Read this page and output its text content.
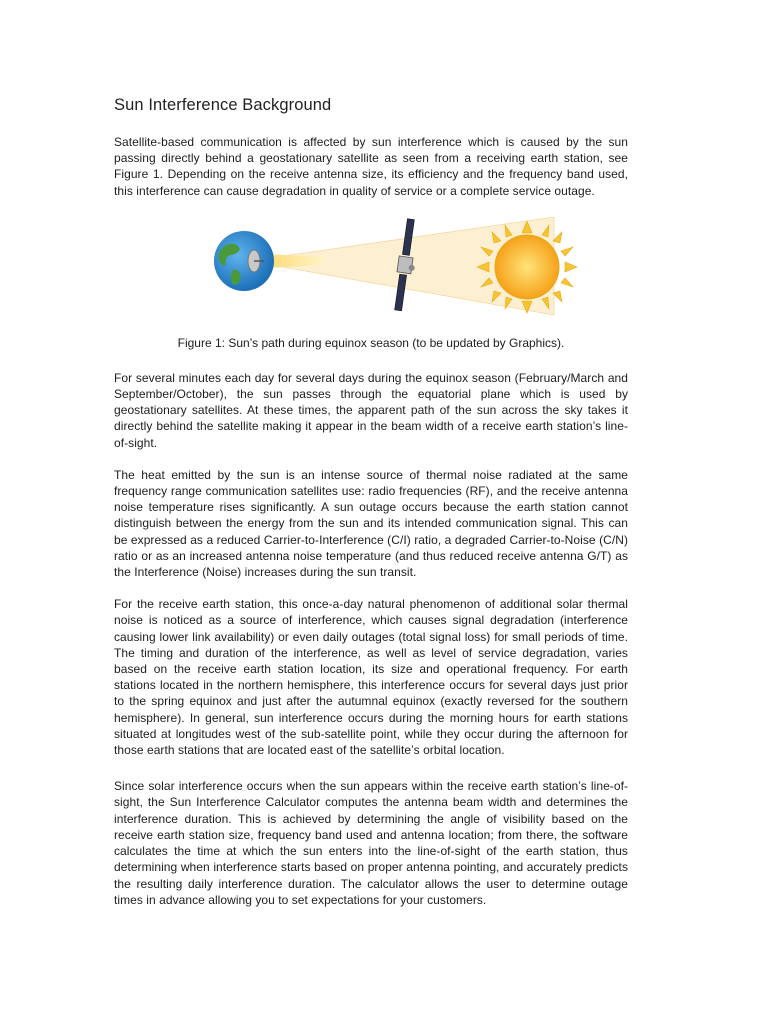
Sun Interference Background

Satellite-based communication is affected by sun interference which is caused by the sun passing directly behind a geostationary satellite as seen from a receiving earth station, see Figure 1. Depending on the receive antenna size, its efficiency and the frequency band used, this interference can cause degradation in quality of service or a complete service outage.

Figure 1: Sun’s path during equinox season (to be updated by Graphics).

For several minutes each day for several days during the equinox season (February/March and September/October), the sun passes through the equatorial plane which is used by geostationary satellites. At these times, the apparent path of the sun across the sky takes it directly behind the satellite making it appear in the beam width of a receive earth station’s line-of-sight.

The heat emitted by the sun is an intense source of thermal noise radiated at the same frequency range communication satellites use: radio frequencies (RF), and the receive antenna noise temperature rises significantly. A sun outage occurs because the earth station cannot distinguish between the energy from the sun and its intended communication signal. This can be expressed as a reduced Carrier-to-Interference (C/I) ratio, a degraded Carrier-to-Noise (C/N) ratio or as an increased antenna noise temperature (and thus reduced receive antenna G/T) as the Interference (Noise) increases during the sun transit.

For the receive earth station, this once-a-day natural phenomenon of additional solar thermal noise is noticed as a source of interference, which causes signal degradation (interference causing lower link availability) or even daily outages (total signal loss) for small periods of time. The timing and duration of the interference, as well as level of service degradation, varies based on the receive earth station location, its size and operational frequency. For earth stations located in the northern hemisphere, this interference occurs for several days just prior to the spring equinox and just after the autumnal equinox (exactly reversed for the southern hemisphere). In general, sun interference occurs during the morning hours for earth stations situated at longitudes west of the sub-satellite point, while they occur during the afternoon for those earth stations that are located east of the satellite’s orbital location.

Since solar interference occurs when the sun appears within the receive earth station’s line-of-sight, the Sun Interference Calculator computes the antenna beam width and determines the interference duration. This is achieved by determining the angle of visibility based on the receive earth station size, frequency band used and antenna location; from there, the software calculates the time at which the sun enters into the line-of-sight of the earth station, thus determining when interference starts based on proper antenna pointing, and accurately predicts the resulting daily interference duration. The calculator allows the user to determine outage times in advance allowing you to set expectations for your customers.
